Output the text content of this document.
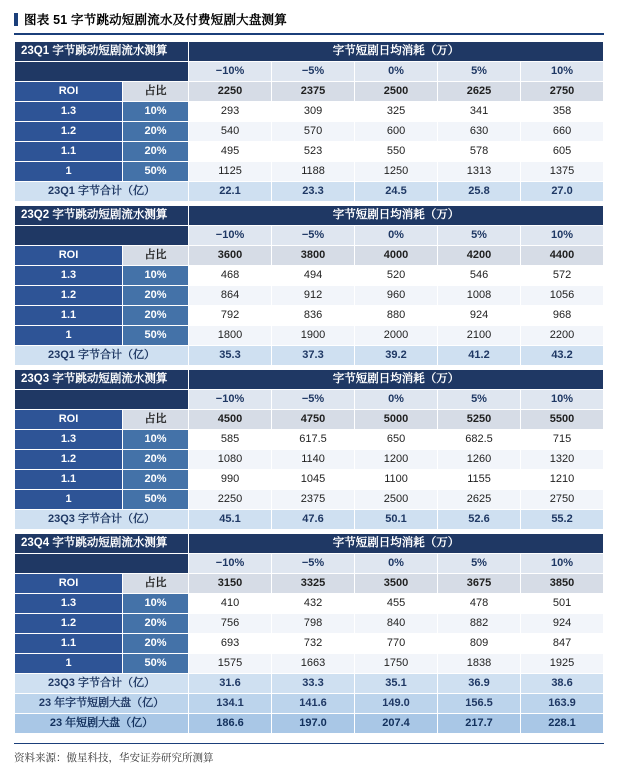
图表 51 字节跳动短剧流水及付费短剧大盘测算
23Q1 字节跳动短剧流水测算		字节短剧日均消耗（万）				
		−10%	−5%	0%	5%	10%
ROI	占比	2250	2375	2500	2625	2750
1.3	10%	293	309	325	341	358
1.2	20%	540	570	600	630	660
1.1	20%	495	523	550	578	605
1	50%	1125	1188	1250	1313	1375
23Q1 字节合计（亿）		22.1	23.3	24.5	25.8	27.0

23Q2 字节跳动短剧流水测算		字节短剧日均消耗（万）				
		−10%	−5%	0%	5%	10%
ROI	占比	3600	3800	4000	4200	4400
1.3	10%	468	494	520	546	572
1.2	20%	864	912	960	1008	1056
1.1	20%	792	836	880	924	968
1	50%	1800	1900	2000	2100	2200
23Q1 字节合计（亿）		35.3	37.3	39.2	41.2	43.2

23Q3 字节跳动短剧流水测算		字节短剧日均消耗（万）				
		−10%	−5%	0%	5%	10%
ROI	占比	4500	4750	5000	5250	5500
1.3	10%	585	617.5	650	682.5	715
1.2	20%	1080	1140	1200	1260	1320
1.1	20%	990	1045	1100	1155	1210
1	50%	2250	2375	2500	2625	2750
23Q3 字节合计（亿）		45.1	47.6	50.1	52.6	55.2

23Q4 字节跳动短剧流水测算		字节短剧日均消耗（万）				
		−10%	−5%	0%	5%	10%
ROI	占比	3150	3325	3500	3675	3850
1.3	10%	410	432	455	478	501
1.2	20%	756	798	840	882	924
1.1	20%	693	732	770	809	847
1	50%	1575	1663	1750	1838	1925
23Q3 字节合计（亿）		31.6	33.3	35.1	36.9	38.6
23 年字节短剧大盘（亿）		134.1	141.6	149.0	156.5	163.9
23 年短剧大盘（亿）		186.6	197.0	207.4	217.7	228.1
资料来源：傲星科技，华安证券研究所测算
